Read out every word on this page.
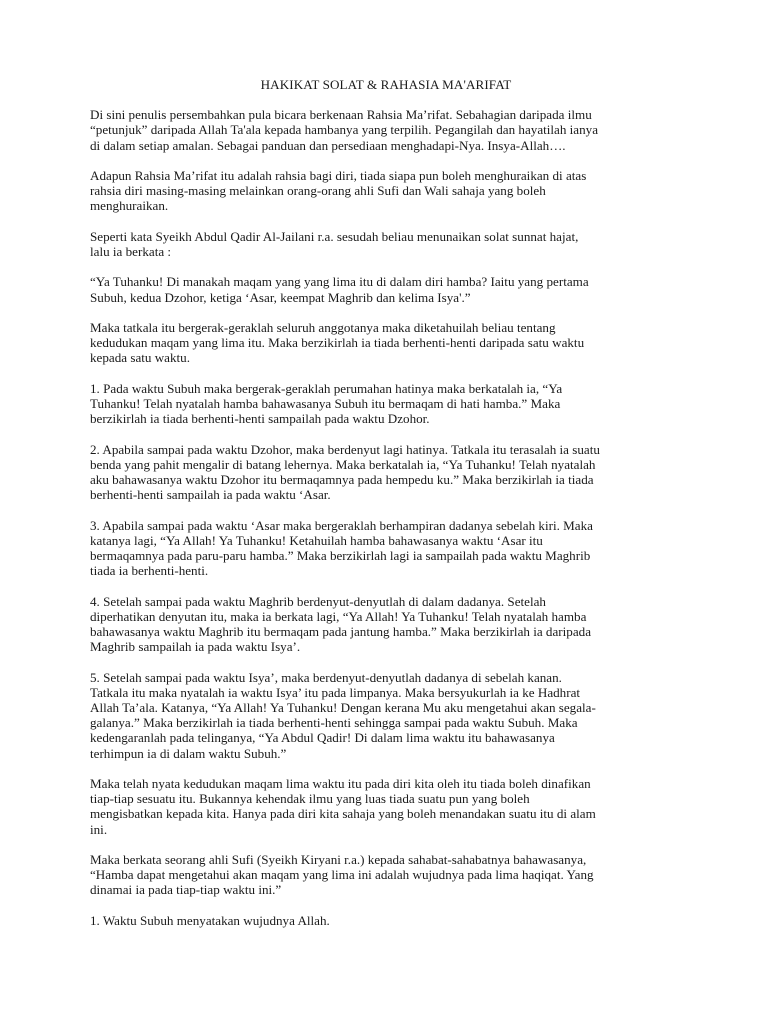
HAKIKAT SOLAT & RAHASIA MA'ARIFAT

Di sini penulis persembahkan pula bicara berkenaan Rahsia Ma’rifat. Sebahagian daripada ilmu
“petunjuk” daripada Allah Ta'ala kepada hambanya yang terpilih. Pegangilah dan hayatilah ianya
di dalam setiap amalan. Sebagai panduan dan persediaan menghadapi-Nya. Insya-Allah….

Adapun Rahsia Ma’rifat itu adalah rahsia bagi diri, tiada siapa pun boleh menghuraikan di atas
rahsia diri masing-masing melainkan orang-orang ahli Sufi dan Wali sahaja yang boleh
menghuraikan.

Seperti kata Syeikh Abdul Qadir Al-Jailani r.a. sesudah beliau menunaikan solat sunnat hajat,
lalu ia berkata :

“Ya Tuhanku! Di manakah maqam yang yang lima itu di dalam diri hamba? Iaitu yang pertama
Subuh, kedua Dzohor, ketiga ‘Asar, keempat Maghrib dan kelima Isya'.”

Maka tatkala itu bergerak-geraklah seluruh anggotanya maka diketahuilah beliau tentang
kedudukan maqam yang lima itu. Maka berzikirlah ia tiada berhenti-henti daripada satu waktu
kepada satu waktu.

1. Pada waktu Subuh maka bergerak-geraklah perumahan hatinya maka berkatalah ia, “Ya
Tuhanku! Telah nyatalah hamba bahawasanya Subuh itu bermaqam di hati hamba.” Maka
berzikirlah ia tiada berhenti-henti sampailah pada waktu Dzohor.

2. Apabila sampai pada waktu Dzohor, maka berdenyut lagi hatinya. Tatkala itu terasalah ia suatu
benda yang pahit mengalir di batang lehernya. Maka berkatalah ia, “Ya Tuhanku! Telah nyatalah
aku bahawasanya waktu Dzohor itu bermaqamnya pada hempedu ku.” Maka berzikirlah ia tiada
berhenti-henti sampailah ia pada waktu ‘Asar.

3. Apabila sampai pada waktu ‘Asar maka bergeraklah berhampiran dadanya sebelah kiri. Maka
katanya lagi, “Ya Allah! Ya Tuhanku! Ketahuilah hamba bahawasanya waktu ‘Asar itu
bermaqamnya pada paru-paru hamba.” Maka berzikirlah lagi ia sampailah pada waktu Maghrib
tiada ia berhenti-henti.

4. Setelah sampai pada waktu Maghrib berdenyut-denyutlah di dalam dadanya. Setelah
diperhatikan denyutan itu, maka ia berkata lagi, “Ya Allah! Ya Tuhanku! Telah nyatalah hamba
bahawasanya waktu Maghrib itu bermaqam pada jantung hamba.” Maka berzikirlah ia daripada
Maghrib sampailah ia pada waktu Isya’.

5. Setelah sampai pada waktu Isya’, maka berdenyut-denyutlah dadanya di sebelah kanan.
Tatkala itu maka nyatalah ia waktu Isya’ itu pada limpanya. Maka bersyukurlah ia ke Hadhrat
Allah Ta’ala. Katanya, “Ya Allah! Ya Tuhanku! Dengan kerana Mu aku mengetahui akan segala-
galanya.” Maka berzikirlah ia tiada berhenti-henti sehingga sampai pada waktu Subuh. Maka
kedengaranlah pada telinganya, “Ya Abdul Qadir! Di dalam lima waktu itu bahawasanya
terhimpun ia di dalam waktu Subuh.”

Maka telah nyata kedudukan maqam lima waktu itu pada diri kita oleh itu tiada boleh dinafikan
tiap-tiap sesuatu itu. Bukannya kehendak ilmu yang luas tiada suatu pun yang boleh
mengisbatkan kepada kita. Hanya pada diri kita sahaja yang boleh menandakan suatu itu di alam
ini.

Maka berkata seorang ahli Sufi (Syeikh Kiryani r.a.) kepada sahabat-sahabatnya bahawasanya,
“Hamba dapat mengetahui akan maqam yang lima ini adalah wujudnya pada lima haqiqat. Yang
dinamai ia pada tiap-tiap waktu ini.”

1. Waktu Subuh menyatakan wujudnya Allah.
